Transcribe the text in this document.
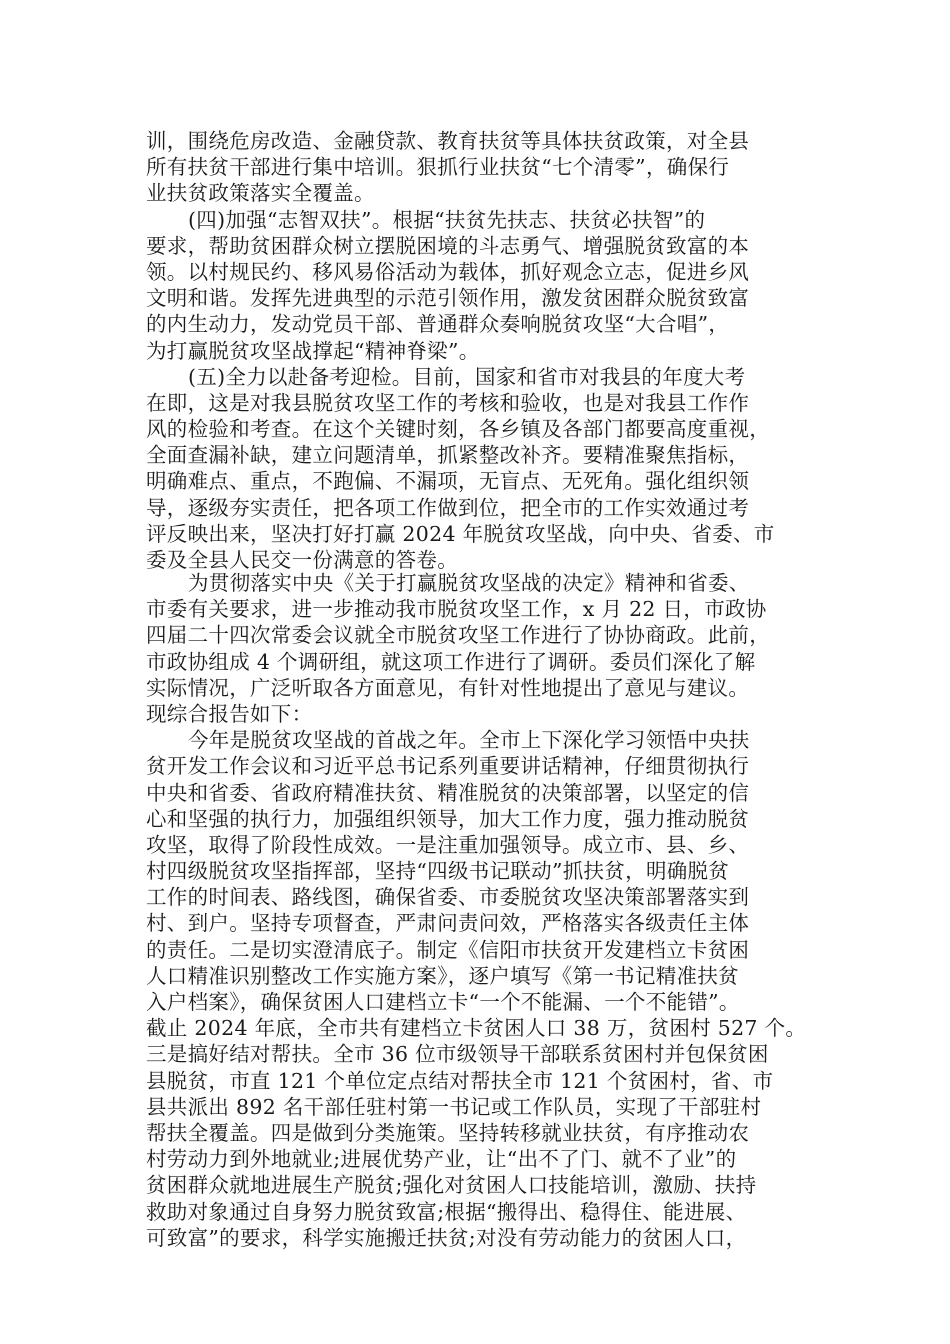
训，围绕危房改造、金融贷款、教育扶贫等具体扶贫政策，对全县
所有扶贫干部进行集中培训。狠抓行业扶贫“七个清零”，确保行
业扶贫政策落实全覆盖。
(四)加强“志智双扶”。根据“扶贫先扶志、扶贫必扶智”的
要求，帮助贫困群众树立摆脱困境的斗志勇气、增强脱贫致富的本
领。以村规民约、移风易俗活动为载体，抓好观念立志，促进乡风
文明和谐。发挥先进典型的示范引领作用，激发贫困群众脱贫致富
的内生动力，发动党员干部、普通群众奏响脱贫攻坚“大合唱”，
为打赢脱贫攻坚战撑起“精神脊梁”。
(五)全力以赴备考迎检。目前，国家和省市对我县的年度大考
在即，这是对我县脱贫攻坚工作的考核和验收，也是对我县工作作
风的检验和考查。在这个关键时刻，各乡镇及各部门都要高度重视，
全面查漏补缺，建立问题清单，抓紧整改补齐。要精准聚焦指标，
明确难点、重点，不跑偏、不漏项，无盲点、无死角。强化组织领
导，逐级夯实责任，把各项工作做到位，把全市的工作实效通过考
评反映出来，坚决打好打赢 2024 年脱贫攻坚战，向中央、省委、市
委及全县人民交一份满意的答卷。
为贯彻落实中央《关于打赢脱贫攻坚战的决定》精神和省委、
市委有关要求，进一步推动我市脱贫攻坚工作，x 月 22 日，市政协
四届二十四次常委会议就全市脱贫攻坚工作进行了协协商政。此前，
市政协组成 4 个调研组，就这项工作进行了调研。委员们深化了解
实际情况，广泛听取各方面意见，有针对性地提出了意见与建议。
现综合报告如下：
今年是脱贫攻坚战的首战之年。全市上下深化学习领悟中央扶
贫开发工作会议和习近平总书记系列重要讲话精神，仔细贯彻执行
中央和省委、省政府精准扶贫、精准脱贫的决策部署，以坚定的信
心和坚强的执行力，加强组织领导，加大工作力度，强力推动脱贫
攻坚，取得了阶段性成效。一是注重加强领导。成立市、县、乡、
村四级脱贫攻坚指挥部，坚持“四级书记联动”抓扶贫，明确脱贫
工作的时间表、路线图，确保省委、市委脱贫攻坚决策部署落实到
村、到户。坚持专项督查，严肃问责问效，严格落实各级责任主体
的责任。二是切实澄清底子。制定《信阳市扶贫开发建档立卡贫困
人口精准识别整改工作实施方案》，逐户填写《第一书记精准扶贫
入户档案》，确保贫困人口建档立卡“一个不能漏、一个不能错”。
截止 2024 年底，全市共有建档立卡贫困人口 38 万，贫困村 527 个。
三是搞好结对帮扶。全市 36 位市级领导干部联系贫困村并包保贫困
县脱贫，市直 121 个单位定点结对帮扶全市 121 个贫困村，省、市
县共派出 892 名干部任驻村第一书记或工作队员，实现了干部驻村
帮扶全覆盖。四是做到分类施策。坚持转移就业扶贫，有序推动农
村劳动力到外地就业;进展优势产业，让“出不了门、就不了业”的
贫困群众就地进展生产脱贫;强化对贫困人口技能培训，激励、扶持
救助对象通过自身努力脱贫致富;根据“搬得出、稳得住、能进展、
可致富”的要求，科学实施搬迁扶贫;对没有劳动能力的贫困人口，
